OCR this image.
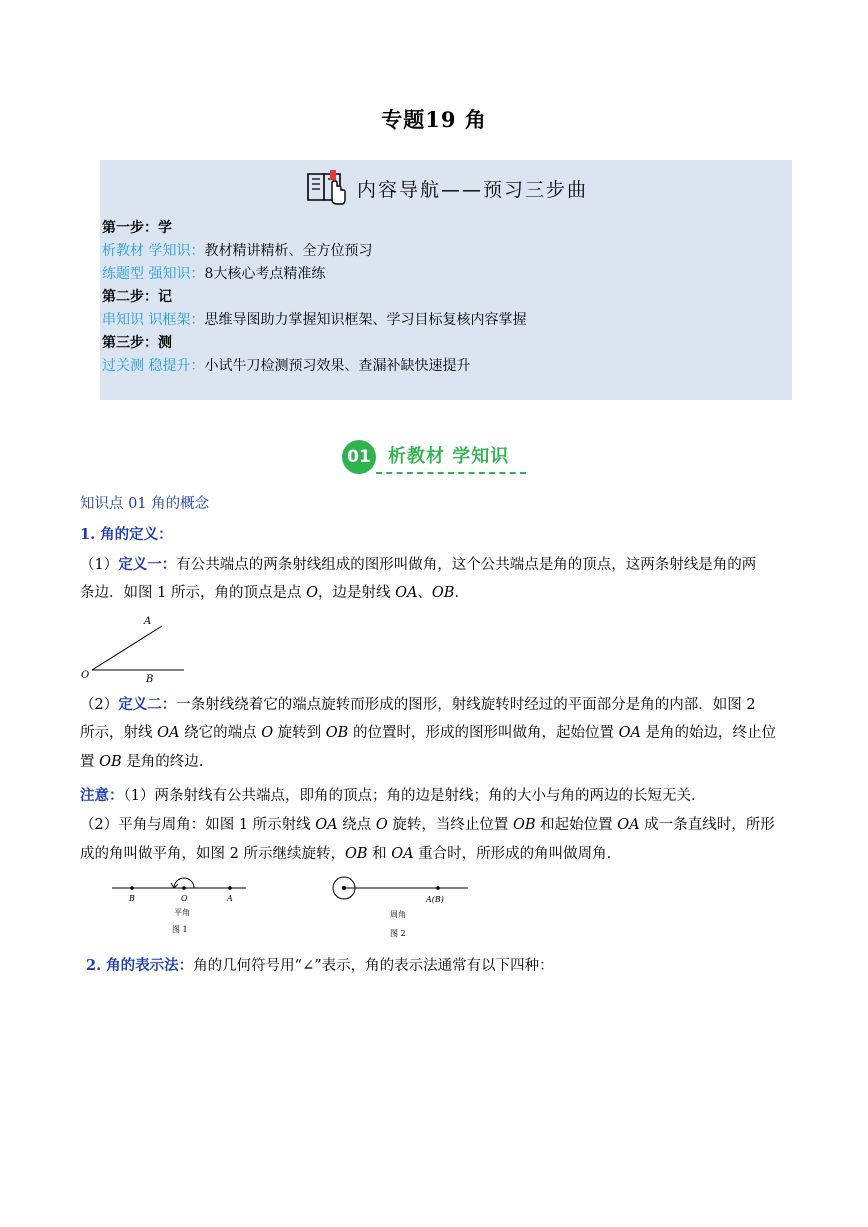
专题19 角
内容导航——预习三步曲
第一步：学
析教材 学知识：教材精讲精析、全方位预习
练题型 强知识：8大核心考点精准练
第二步：记
串知识 识框架：思维导图助力掌握知识框架、学习目标复核内容掌握
第三步：测
过关测 稳提升：小试牛刀检测预习效果、查漏补缺快速提升
01 析教材 学知识
知识点 01 角的概念
1. 角的定义：
（1）定义一：有公共端点的两条射线组成的图形叫做角，这个公共端点是角的顶点，这两条射线是角的两
条边．如图 1 所示，角的顶点是点 O，边是射线 OA、OB．
A
O	B
（2）定义二：一条射线绕着它的端点旋转而形成的图形，射线旋转时经过的平面部分是角的内部．如图 2
所示，射线 OA 绕它的端点 O 旋转到 OB 的位置时，形成的图形叫做角，起始位置 OA 是角的始边，终止位
置 OB 是角的终边.
注意：（1）两条射线有公共端点，即角的顶点；角的边是射线；角的大小与角的两边的长短无关．
（2）平角与周角：如图 1 所示射线 OA 绕点 O 旋转，当终止位置 OB 和起始位置 OA 成一条直线时，所形
成的角叫做平角，如图 2 所示继续旋转，OB 和 OA 重合时，所形成的角叫做周角．
B	O	A
平角
图 1
A(B)
周角
图 2
2. 角的表示法：角的几何符号用“∠”表示，角的表示法通常有以下四种：
